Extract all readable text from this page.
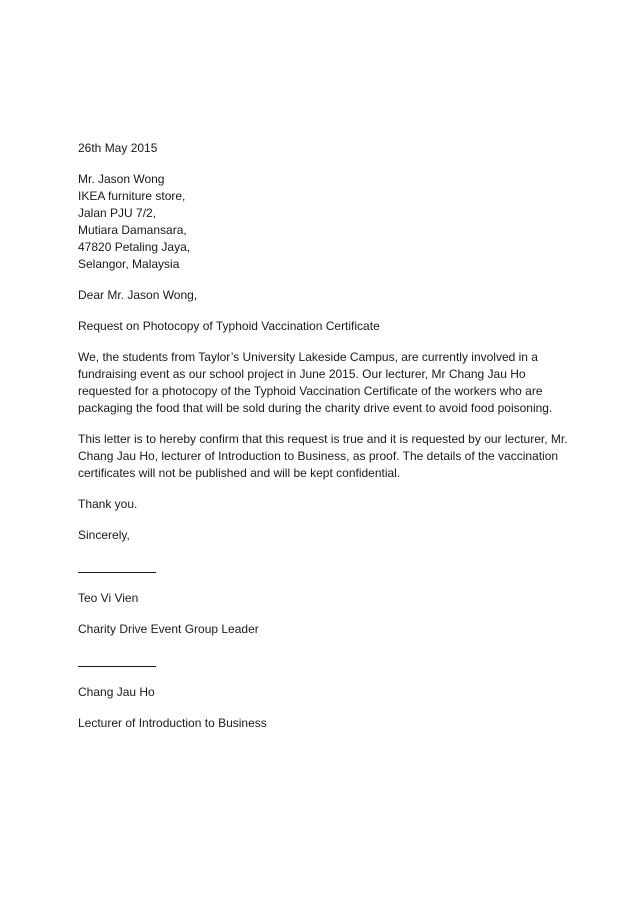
26th May 2015
Mr. Jason Wong
IKEA furniture store,
Jalan PJU 7/2,
Mutiara Damansara,
47820 Petaling Jaya,
Selangor, Malaysia
Dear Mr. Jason Wong,
Request on Photocopy of Typhoid Vaccination Certificate
We, the students from Taylor’s University Lakeside Campus, are currently involved in a
fundraising event as our school project in June 2015. Our lecturer, Mr Chang Jau Ho
requested for a photocopy of the Typhoid Vaccination Certificate of the workers who are
packaging the food that will be sold during the charity drive event to avoid food poisoning.
This letter is to hereby confirm that this request is true and it is requested by our lecturer, Mr.
Chang Jau Ho, lecturer of Introduction to Business, as proof. The details of the vaccination
certificates will not be published and will be kept confidential.
Thank you.
Sincerely,
Teo Vi Vien
Charity Drive Event Group Leader
Chang Jau Ho
Lecturer of Introduction to Business
